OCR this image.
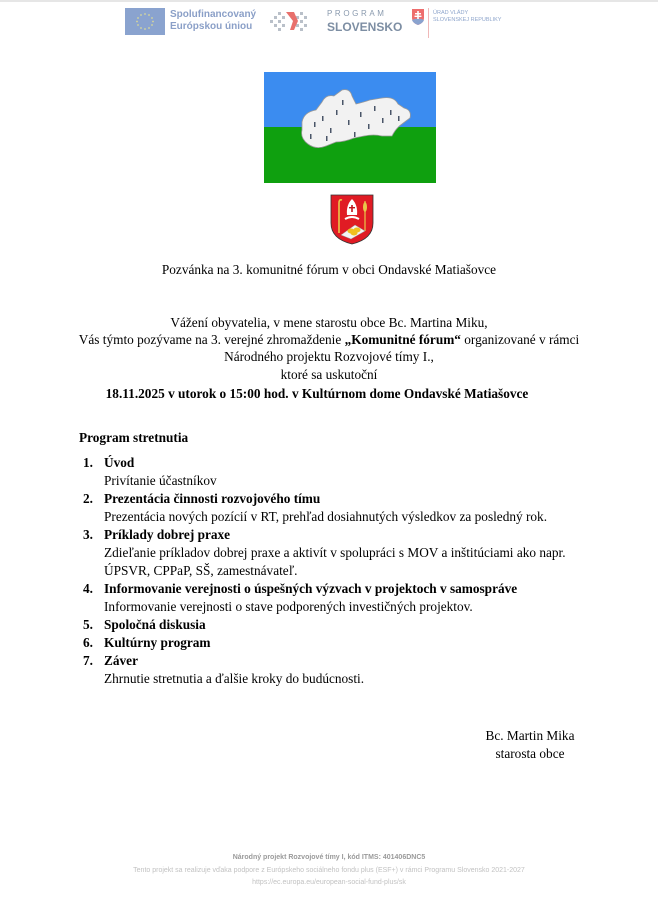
Spolufinancovaný
Európskou úniou
PROGRAM
SLOVENSKO
ÚRAD VLÁDY
SLOVENSKEJ REPUBLIKY
Pozvánka na 3. komunitné fórum v obci Ondavské Matiašovce
Vážení obyvatelia, v mene starostu obce Bc. Martina Miku,
Vás týmto pozývame na 3. verejné zhromaždenie „Komunitné fórum“ organizované v rámci
Národného projektu Rozvojové tímy I.,
ktoré sa uskutoční
18.11.2025 v utorok o 15:00 hod. v Kultúrnom dome Ondavské Matiašovce
Program stretnutia
1. Úvod
Privítanie účastníkov
2. Prezentácia činnosti rozvojového tímu
Prezentácia nových pozícií v RT, prehľad dosiahnutých výsledkov za posledný rok.
3. Príklady dobrej praxe
Zdieľanie príkladov dobrej praxe a aktivít v spolupráci s MOV a inštitúciami ako napr.
ÚPSVR, CPPaP, SŠ, zamestnávateľ.
4. Informovanie verejnosti o úspešných výzvach v projektoch v samospráve
Informovanie verejnosti o stave podporených investičných projektov.
5. Spoločná diskusia
6. Kultúrny program
7. Záver
Zhrnutie stretnutia a ďalšie kroky do budúcnosti.
Bc. Martin Mika
starosta obce
Národný projekt Rozvojové tímy I, kód ITMS: 401406DNC5
Tento projekt sa realizuje vďaka podpore z Európskeho sociálneho fondu plus (ESF+) v rámci Programu Slovensko 2021-2027
https://ec.europa.eu/european-social-fund-plus/sk
